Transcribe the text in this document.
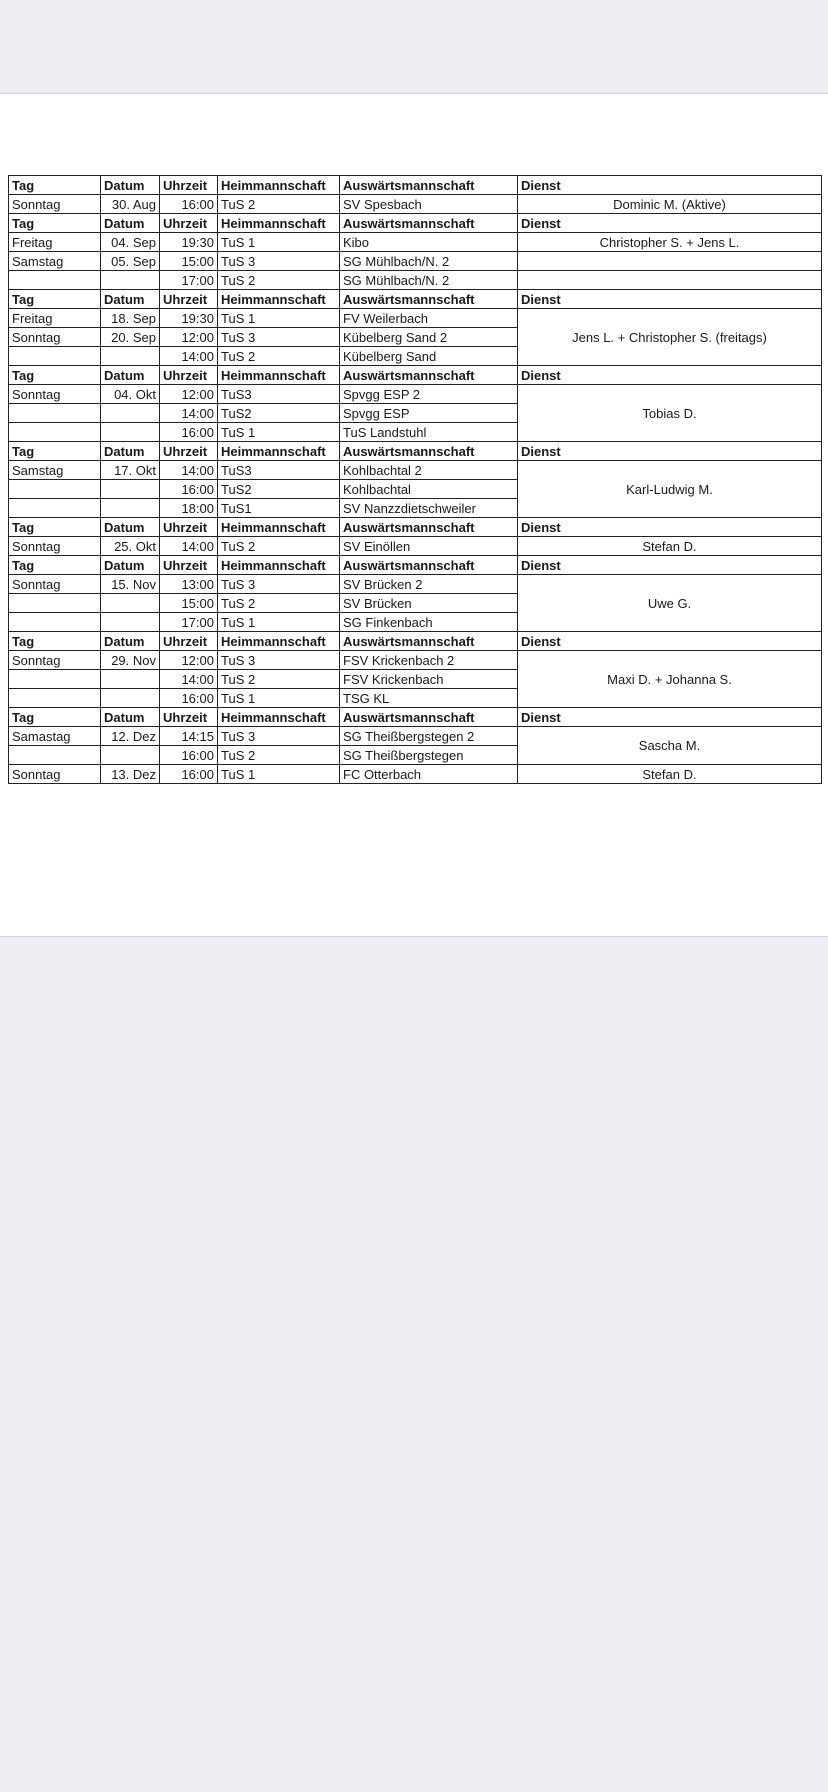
Tag	Datum	Uhrzeit	Heimmannschaft	Auswärtsmannschaft	Dienst
Sonntag	30. Aug	16:00	TuS 2	SV Spesbach	Dominic M. (Aktive)
Tag	Datum	Uhrzeit	Heimmannschaft	Auswärtsmannschaft	Dienst
Freitag	04. Sep	19:30	TuS 1	Kibo	Christopher S. + Jens L.
Samstag	05. Sep	15:00	TuS 3	SG Mühlbach/N. 2	
		17:00	TuS 2	SG Mühlbach/N. 2	
Tag	Datum	Uhrzeit	Heimmannschaft	Auswärtsmannschaft	Dienst
Freitag	18. Sep	19:30	TuS 1	FV Weilerbach	Jens L. + Christopher S. (freitags)
Sonntag	20. Sep	12:00	TuS 3	Kübelberg Sand 2	
		14:00	TuS 2	Kübelberg Sand	
Tag	Datum	Uhrzeit	Heimmannschaft	Auswärtsmannschaft	Dienst
Sonntag	04. Okt	12:00	TuS3	Spvgg ESP 2	Tobias D.
		14:00	TuS2	Spvgg ESP	
		16:00	TuS 1	TuS Landstuhl	
Tag	Datum	Uhrzeit	Heimmannschaft	Auswärtsmannschaft	Dienst
Samstag	17. Okt	14:00	TuS3	Kohlbachtal 2	Karl-Ludwig M.
		16:00	TuS2	Kohlbachtal	
		18:00	TuS1	SV Nanzzdietschweiler	
Tag	Datum	Uhrzeit	Heimmannschaft	Auswärtsmannschaft	Dienst
Sonntag	25. Okt	14:00	TuS 2	SV Einöllen	Stefan D.
Tag	Datum	Uhrzeit	Heimmannschaft	Auswärtsmannschaft	Dienst
Sonntag	15. Nov	13:00	TuS 3	SV Brücken 2	Uwe G.
		15:00	TuS 2	SV Brücken	
		17:00	TuS 1	SG Finkenbach	
Tag	Datum	Uhrzeit	Heimmannschaft	Auswärtsmannschaft	Dienst
Sonntag	29. Nov	12:00	TuS 3	FSV Krickenbach 2	Maxi D. + Johanna S.
		14:00	TuS 2	FSV Krickenbach	
		16:00	TuS 1	TSG KL	
Tag	Datum	Uhrzeit	Heimmannschaft	Auswärtsmannschaft	Dienst
Samastag	12. Dez	14:15	TuS 3	SG Theißbergstegen 2	Sascha M.
		16:00	TuS 2	SG Theißbergstegen	
Sonntag	13. Dez	16:00	TuS 1	FC Otterbach	Stefan D.
